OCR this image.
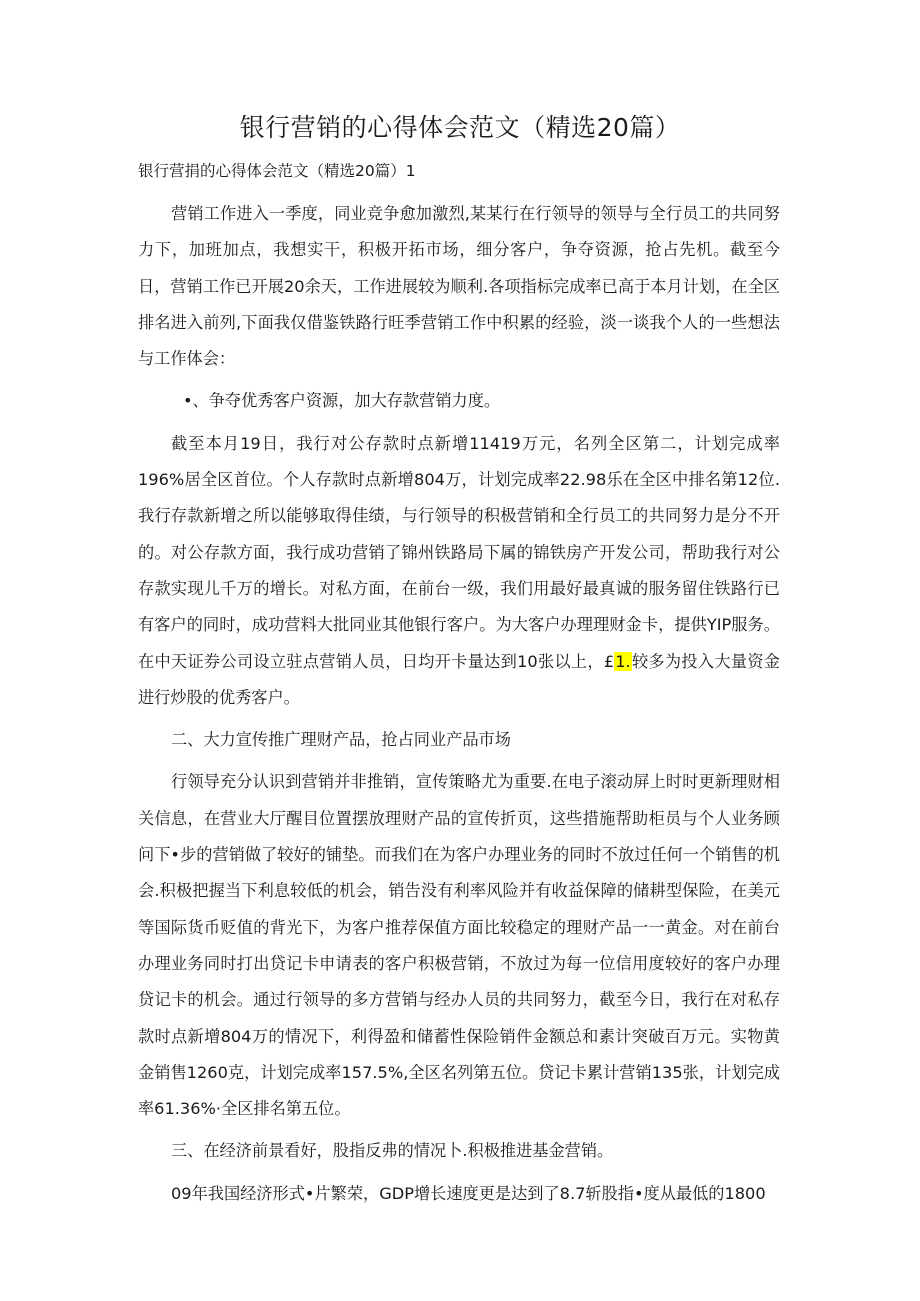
银行营销的心得体会范文（精选20篇）
银行营捐的心得体会范文（精选20篇）1

营销工作进入一季度，同业竞争愈加激烈,某某行在行领导的领导与全行员工的共同努力下，加班加点，我想实干，积极开拓市场，细分客户，争夺资源，抢占先机。截至今日，营销工作已开展20余天，工作进展较为顺利.各项指标完成率已高于本月计划，在全区排名进入前列,下面我仅借鉴铁路行旺季营销工作中积累的经验，淡一谈我个人的一些想法与工作体会：

•、争夺优秀客户资源，加大存款营销力度。

截至本月19日，我行对公存款时点新增11419万元，名列全区第二，计划完成率196%居全区首位。个人存款时点新增804万，计划完成率22.98乐在全区中排名第12位.我行存款新增之所以能够取得佳绩，与行领导的积极营销和全行员工的共同努力是分不开的。对公存款方面，我行成功营销了锦州铁路局下属的锦铁房产开发公司，帮助我行对公存款实现儿千万的增长。对私方面，在前台一级，我们用最好最真诚的服务留住铁路行已有客户的同时，成功营料大批同业其他银行客户。为大客户办理理财金卡，提供YIP服务。在中天证券公司设立驻点营销人员，日均开卡量达到10张以上，£1.较多为投入大量资金进行炒股的优秀客户。

二、大力宣传推广理财产品，抢占同业产品市场

行领导充分认识到营销并非推销，宣传策略尤为重要.在电子滚动屏上时时更新理财相关信息，在营业大厅醒目位置摆放理财产品的宣传折页，这些措施帮助柜员与个人业务顾问下•步的营销做了较好的铺垫。而我们在为客户办理业务的同时不放过任何一个销售的机会.积极把握当下利息较低的机会，销告没有利率风险并有收益保障的储耕型保险，在美元等国际货币贬值的背光下，为客户推荐保值方面比较稳定的理财产品一一黄金。对在前台办理业务同时打出贷记卡申请表的客户积极营销，不放过为每一位信用度较好的客户办理贷记卡的机会。通过行领导的多方营销与经办人员的共同努力，截至今日，我行在对私存款时点新增804万的情况下，利得盈和储蓄性保险销件金额总和素计突破百万元。实物黄金销售1260克，计划完成率157.5%,全区名列第五位。贷记卡累计营销135张，计划完成率61.36%·全区排名第五位。

三、在经济前景看好，股指反弗的情况卜.积极推进基金营销。

09年我国经济形式•片繁荣，GDP增长速度更是达到了8.7斩股指•度从最低的1800
